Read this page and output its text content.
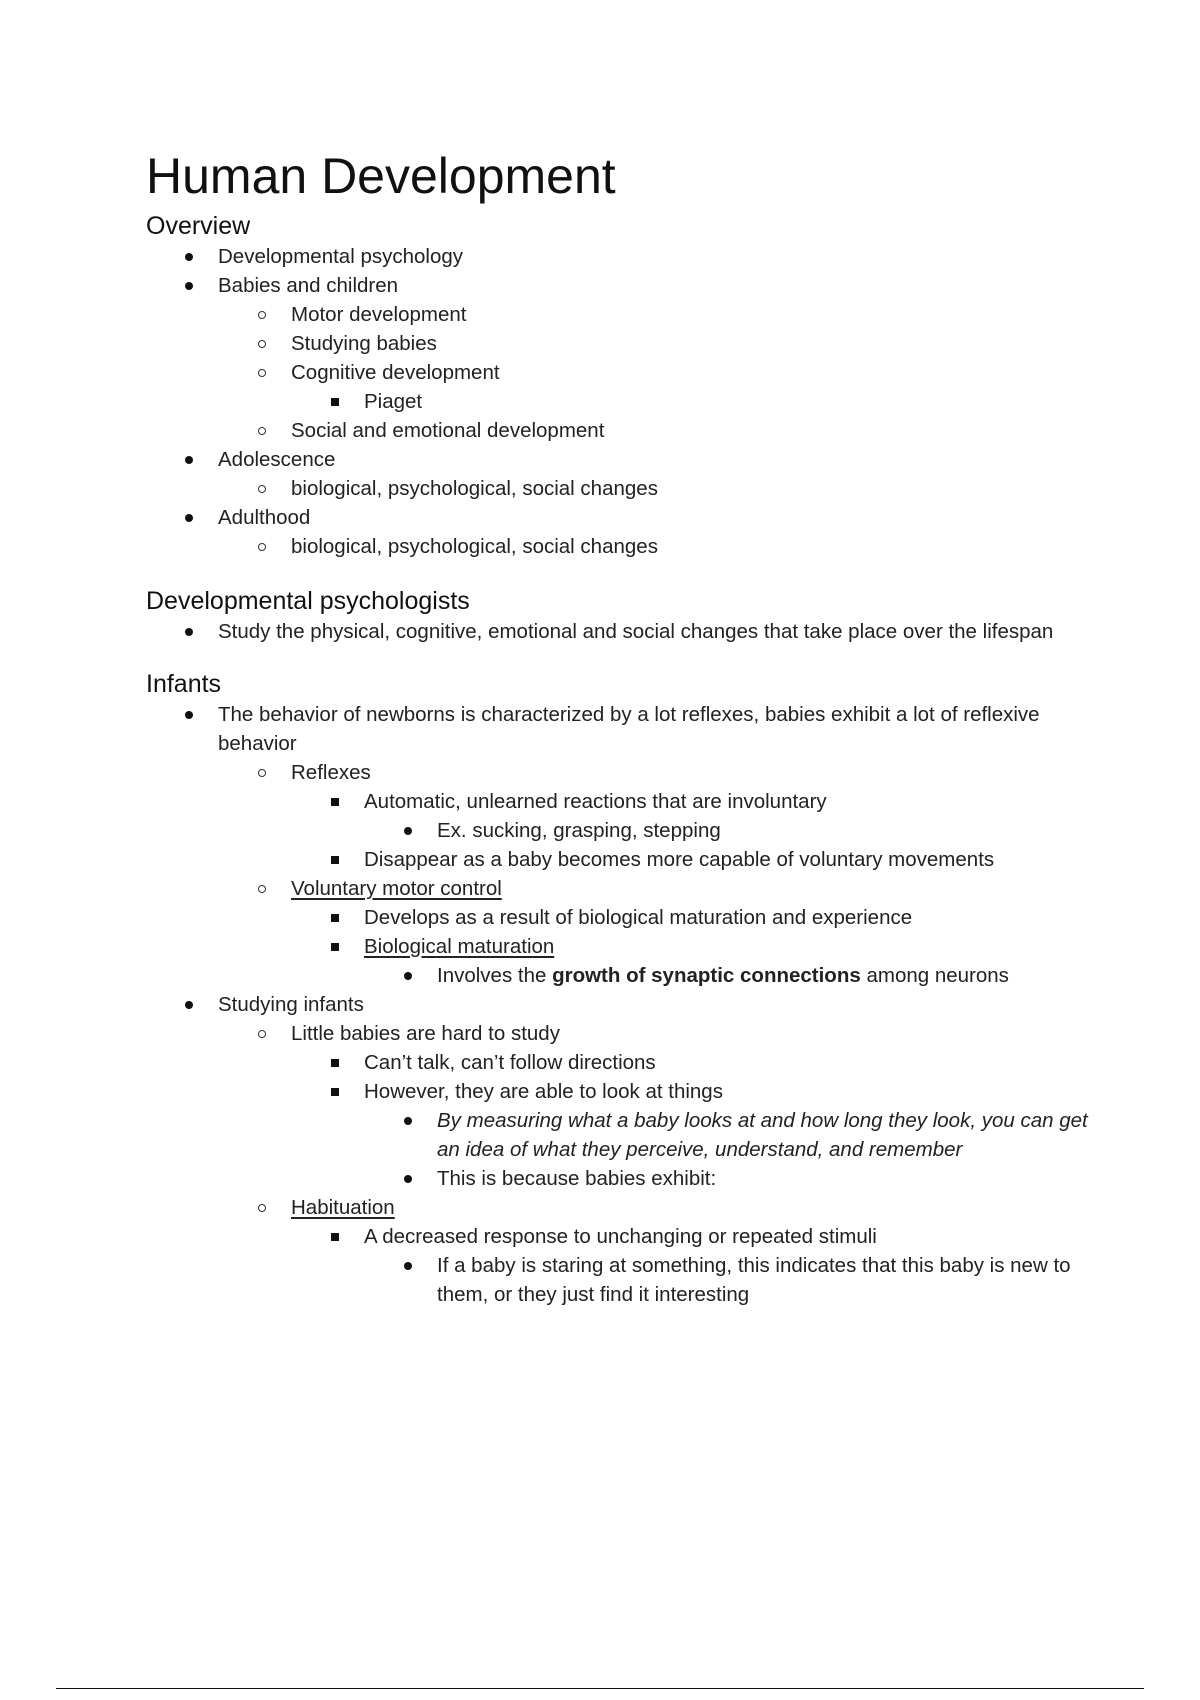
Human Development
Overview
Developmental psychology
Babies and children
Motor development
Studying babies
Cognitive development
Piaget
Social and emotional development
Adolescence
biological, psychological, social changes
Adulthood
biological, psychological, social changes
Developmental psychologists
Study the physical, cognitive, emotional and social changes that take place over the lifespan
Infants
The behavior of newborns is characterized by a lot reflexes, babies exhibit a lot of reflexive behavior
Reflexes
Automatic, unlearned reactions that are involuntary
Ex. sucking, grasping, stepping
Disappear as a baby becomes more capable of voluntary movements
Voluntary motor control
Develops as a result of biological maturation and experience
Biological maturation
Involves the growth of synaptic connections among neurons
Studying infants
Little babies are hard to study
Can’t talk, can’t follow directions
However, they are able to look at things
By measuring what a baby looks at and how long they look, you can get an idea of what they perceive, understand, and remember
This is because babies exhibit:
Habituation
A decreased response to unchanging or repeated stimuli
If a baby is staring at something, this indicates that this baby is new to them, or they just find it interesting
